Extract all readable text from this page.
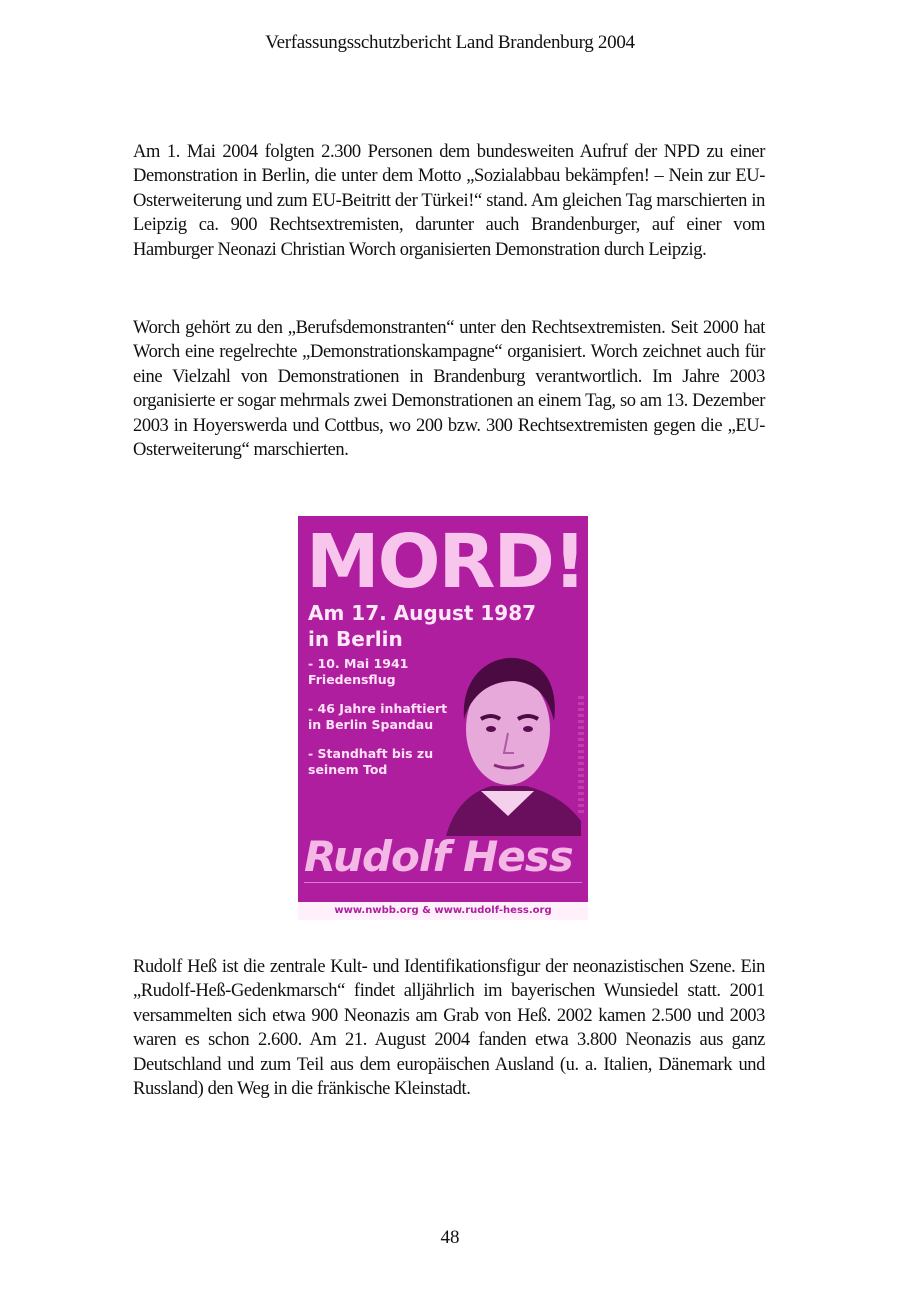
Verfassungsschutzbericht Land Brandenburg 2004

Am 1. Mai 2004 folgten 2.300 Personen dem bundesweiten Aufruf der NPD zu einer Demonstration in Berlin, die unter dem Motto „Sozialabbau bekämpfen! – Nein zur EU-Osterweiterung und zum EU-Beitritt der Türkei!“ stand. Am gleichen Tag marschierten in Leipzig ca. 900 Rechtsextremisten, darunter auch Brandenburger, auf einer vom Hamburger Neonazi Christian Worch organisierten Demonstration durch Leipzig.

Worch gehört zu den „Berufsdemonstranten“ unter den Rechtsextremisten. Seit 2000 hat Worch eine regelrechte „Demonstrationskampagne“ organisiert. Worch zeichnet auch für eine Vielzahl von Demonstrationen in Brandenburg verantwortlich. Im Jahre 2003 organisierte er sogar mehrmals zwei Demonstrationen an einem Tag, so am 13. Dezember 2003 in Hoyerswerda und Cottbus, wo 200 bzw. 300 Rechtsextremisten gegen die „EU-Osterweiterung“ marschierten.

MORD!
Am 17. August 1987
in Berlin
- 10. Mai 1941 Friedensflug
- 46 Jahre inhaftiert in Berlin Spandau
- Standhaft bis zu seinem Tod
Rudolf Hess

www.nwbb.org & www.rudolf-hess.org

Rudolf Heß ist die zentrale Kult- und Identifikationsfigur der neonazistischen Szene. Ein „Rudolf-Heß-Gedenkmarsch“ findet alljährlich im bayerischen Wunsiedel statt. 2001 versammelten sich etwa 900 Neonazis am Grab von Heß. 2002 kamen 2.500 und 2003 waren es schon 2.600. Am 21. August 2004 fanden etwa 3.800 Neonazis aus ganz Deutschland und zum Teil aus dem europäischen Ausland (u. a. Italien, Dänemark und Russland) den Weg in die fränkische Kleinstadt.

48
